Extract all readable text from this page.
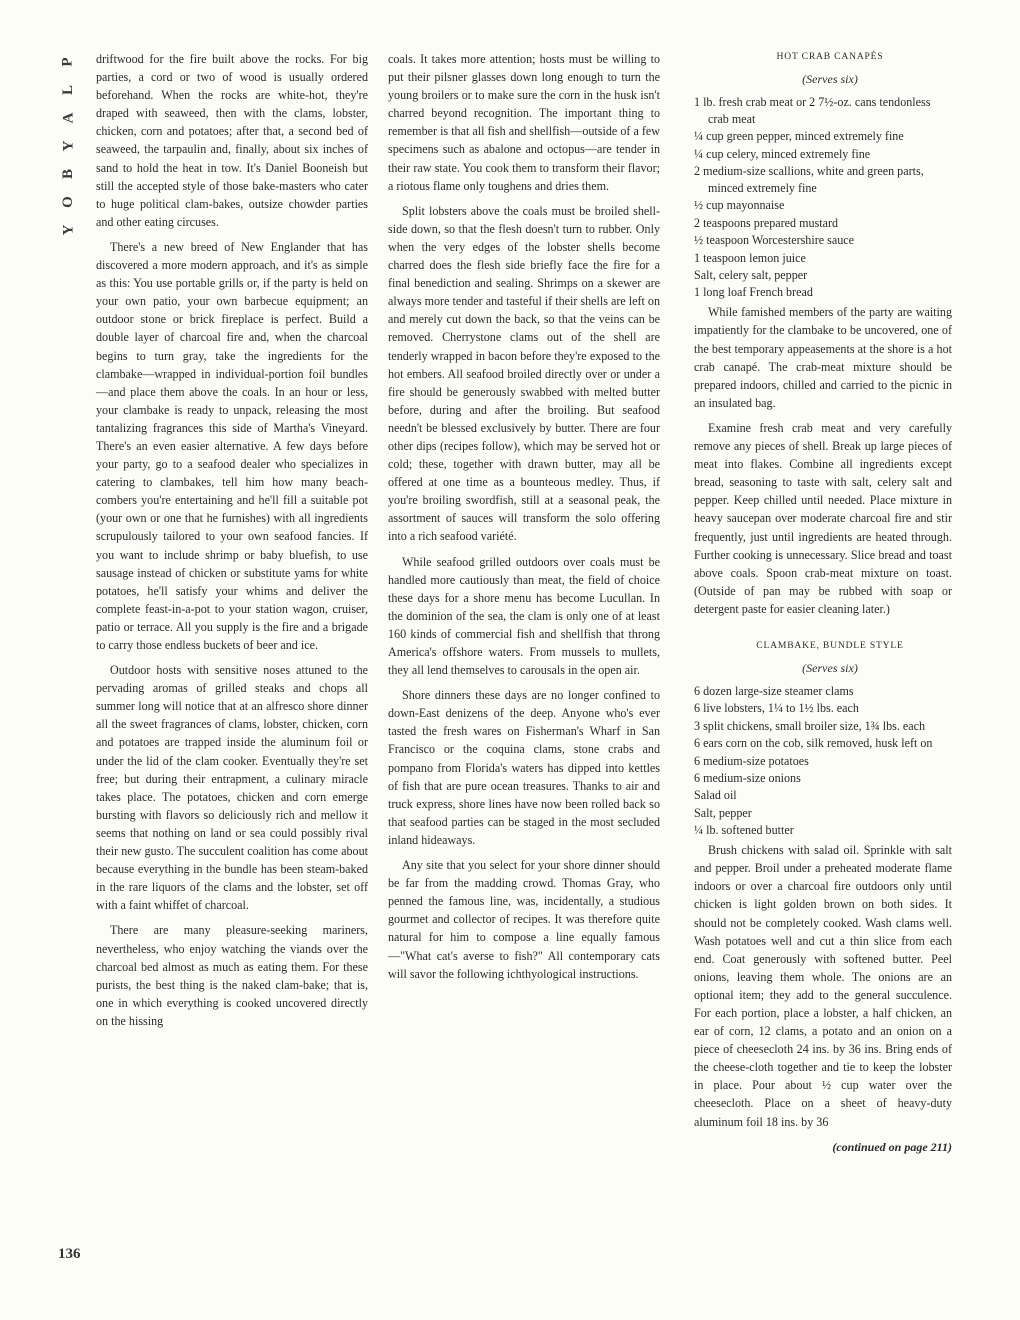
P
L
A
Y
B
O
Y
136

driftwood for the fire built above the rocks. For big parties, a cord or two of wood is usually ordered beforehand. When the rocks are white-hot, they're draped with seaweed, then with the clams, lobster, chicken, corn and potatoes; after that, a second bed of seaweed, the tarpaulin and, finally, about six inches of sand to hold the heat in tow. It's Daniel Booneish but still the accepted style of those bake-masters who cater to huge political clam-bakes, outsize chowder parties and other eating circuses.

There's a new breed of New Englander that has discovered a more modern approach, and it's as simple as this: You use portable grills or, if the party is held on your own patio, your own barbecue equipment; an outdoor stone or brick fireplace is perfect. Build a double layer of charcoal fire and, when the charcoal begins to turn gray, take the ingredients for the clambake—wrapped in individual-portion foil bundles—and place them above the coals. In an hour or less, your clambake is ready to unpack, releasing the most tantalizing fragrances this side of Martha's Vineyard. There's an even easier alternative. A few days before your party, go to a seafood dealer who specializes in catering to clambakes, tell him how many beach-combers you're entertaining and he'll fill a suitable pot (your own or one that he furnishes) with all ingredients scrupulously tailored to your own seafood fancies. If you want to include shrimp or baby bluefish, to use sausage instead of chicken or substitute yams for white potatoes, he'll satisfy your whims and deliver the complete feast-in-a-pot to your station wagon, cruiser, patio or terrace. All you supply is the fire and a brigade to carry those endless buckets of beer and ice.

Outdoor hosts with sensitive noses attuned to the pervading aromas of grilled steaks and chops all summer long will notice that at an alfresco shore dinner all the sweet fragrances of clams, lobster, chicken, corn and potatoes are trapped inside the aluminum foil or under the lid of the clam cooker. Eventually they're set free; but during their entrapment, a culinary miracle takes place. The potatoes, chicken and corn emerge bursting with flavors so deliciously rich and mellow it seems that nothing on land or sea could possibly rival their new gusto. The succulent coalition has come about because everything in the bundle has been steam-baked in the rare liquors of the clams and the lobster, set off with a faint whiffet of charcoal.

There are many pleasure-seeking mariners, nevertheless, who enjoy watching the viands over the charcoal bed almost as much as eating them. For these purists, the best thing is the naked clam-bake; that is, one in which everything is cooked uncovered directly on the hissing

coals. It takes more attention; hosts must be willing to put their pilsner glasses down long enough to turn the young broilers or to make sure the corn in the husk isn't charred beyond recognition. The important thing to remember is that all fish and shellfish—outside of a few specimens such as abalone and octopus—are tender in their raw state. You cook them to transform their flavor; a riotous flame only toughens and dries them.

Split lobsters above the coals must be broiled shell-side down, so that the flesh doesn't turn to rubber. Only when the very edges of the lobster shells become charred does the flesh side briefly face the fire for a final benediction and sealing. Shrimps on a skewer are always more tender and tasteful if their shells are left on and merely cut down the back, so that the veins can be removed. Cherrystone clams out of the shell are tenderly wrapped in bacon before they're exposed to the hot embers. All seafood broiled directly over or under a fire should be generously swabbed with melted butter before, during and after the broiling. But seafood needn't be blessed exclusively by butter. There are four other dips (recipes follow), which may be served hot or cold; these, together with drawn butter, may all be offered at one time as a bounteous medley. Thus, if you're broiling swordfish, still at a seasonal peak, the assortment of sauces will transform the solo offering into a rich seafood variété.

While seafood grilled outdoors over coals must be handled more cautiously than meat, the field of choice these days for a shore menu has become Lucullan. In the dominion of the sea, the clam is only one of at least 160 kinds of commercial fish and shellfish that throng America's offshore waters. From mussels to mullets, they all lend themselves to carousals in the open air.

Shore dinners these days are no longer confined to down-East denizens of the deep. Anyone who's ever tasted the fresh wares on Fisherman's Wharf in San Francisco or the coquina clams, stone crabs and pompano from Florida's waters has dipped into kettles of fish that are pure ocean treasures. Thanks to air and truck express, shore lines have now been rolled back so that seafood parties can be staged in the most secluded inland hideaways.

Any site that you select for your shore dinner should be far from the madding crowd. Thomas Gray, who penned the famous line, was, incidentally, a studious gourmet and collector of recipes. It was therefore quite natural for him to compose a line equally famous—"What cat's averse to fish?" All contemporary cats will savor the following ichthyological instructions.

HOT CRAB CANAPÉS

(Serves six)

1 lb. fresh crab meat or 2 7½-oz. cans tendonless crab meat
¼ cup green pepper, minced extremely fine
¼ cup celery, minced extremely fine
2 medium-size scallions, white and green parts, minced extremely fine
½ cup mayonnaise
2 teaspoons prepared mustard
½ teaspoon Worcestershire sauce
1 teaspoon lemon juice
Salt, celery salt, pepper
1 long loaf French bread

While famished members of the party are waiting impatiently for the clambake to be uncovered, one of the best temporary appeasements at the shore is a hot crab canapé. The crab-meat mixture should be prepared indoors, chilled and carried to the picnic in an insulated bag.

Examine fresh crab meat and very carefully remove any pieces of shell. Break up large pieces of meat into flakes. Combine all ingredients except bread, seasoning to taste with salt, celery salt and pepper. Keep chilled until needed. Place mixture in heavy saucepan over moderate charcoal fire and stir frequently, just until ingredients are heated through. Further cooking is unnecessary. Slice bread and toast above coals. Spoon crab-meat mixture on toast. (Outside of pan may be rubbed with soap or detergent paste for easier cleaning later.)

CLAMBAKE, BUNDLE STYLE

(Serves six)

6 dozen large-size steamer clams
6 live lobsters, 1¼ to 1½ lbs. each
3 split chickens, small broiler size, 1¾ lbs. each
6 ears corn on the cob, silk removed, husk left on
6 medium-size potatoes
6 medium-size onions
Salad oil
Salt, pepper
¼ lb. softened butter

Brush chickens with salad oil. Sprinkle with salt and pepper. Broil under a preheated moderate flame indoors or over a charcoal fire outdoors only until chicken is light golden brown on both sides. It should not be completely cooked. Wash clams well. Wash potatoes well and cut a thin slice from each end. Coat generously with softened butter. Peel onions, leaving them whole. The onions are an optional item; they add to the general succulence. For each portion, place a lobster, a half chicken, an ear of corn, 12 clams, a potato and an onion on a piece of cheesecloth 24 ins. by 36 ins. Bring ends of the cheese-cloth together and tie to keep the lobster in place. Pour about ½ cup water over the cheesecloth. Place on a sheet of heavy-duty aluminum foil 18 ins. by 36

(continued on page 211)
